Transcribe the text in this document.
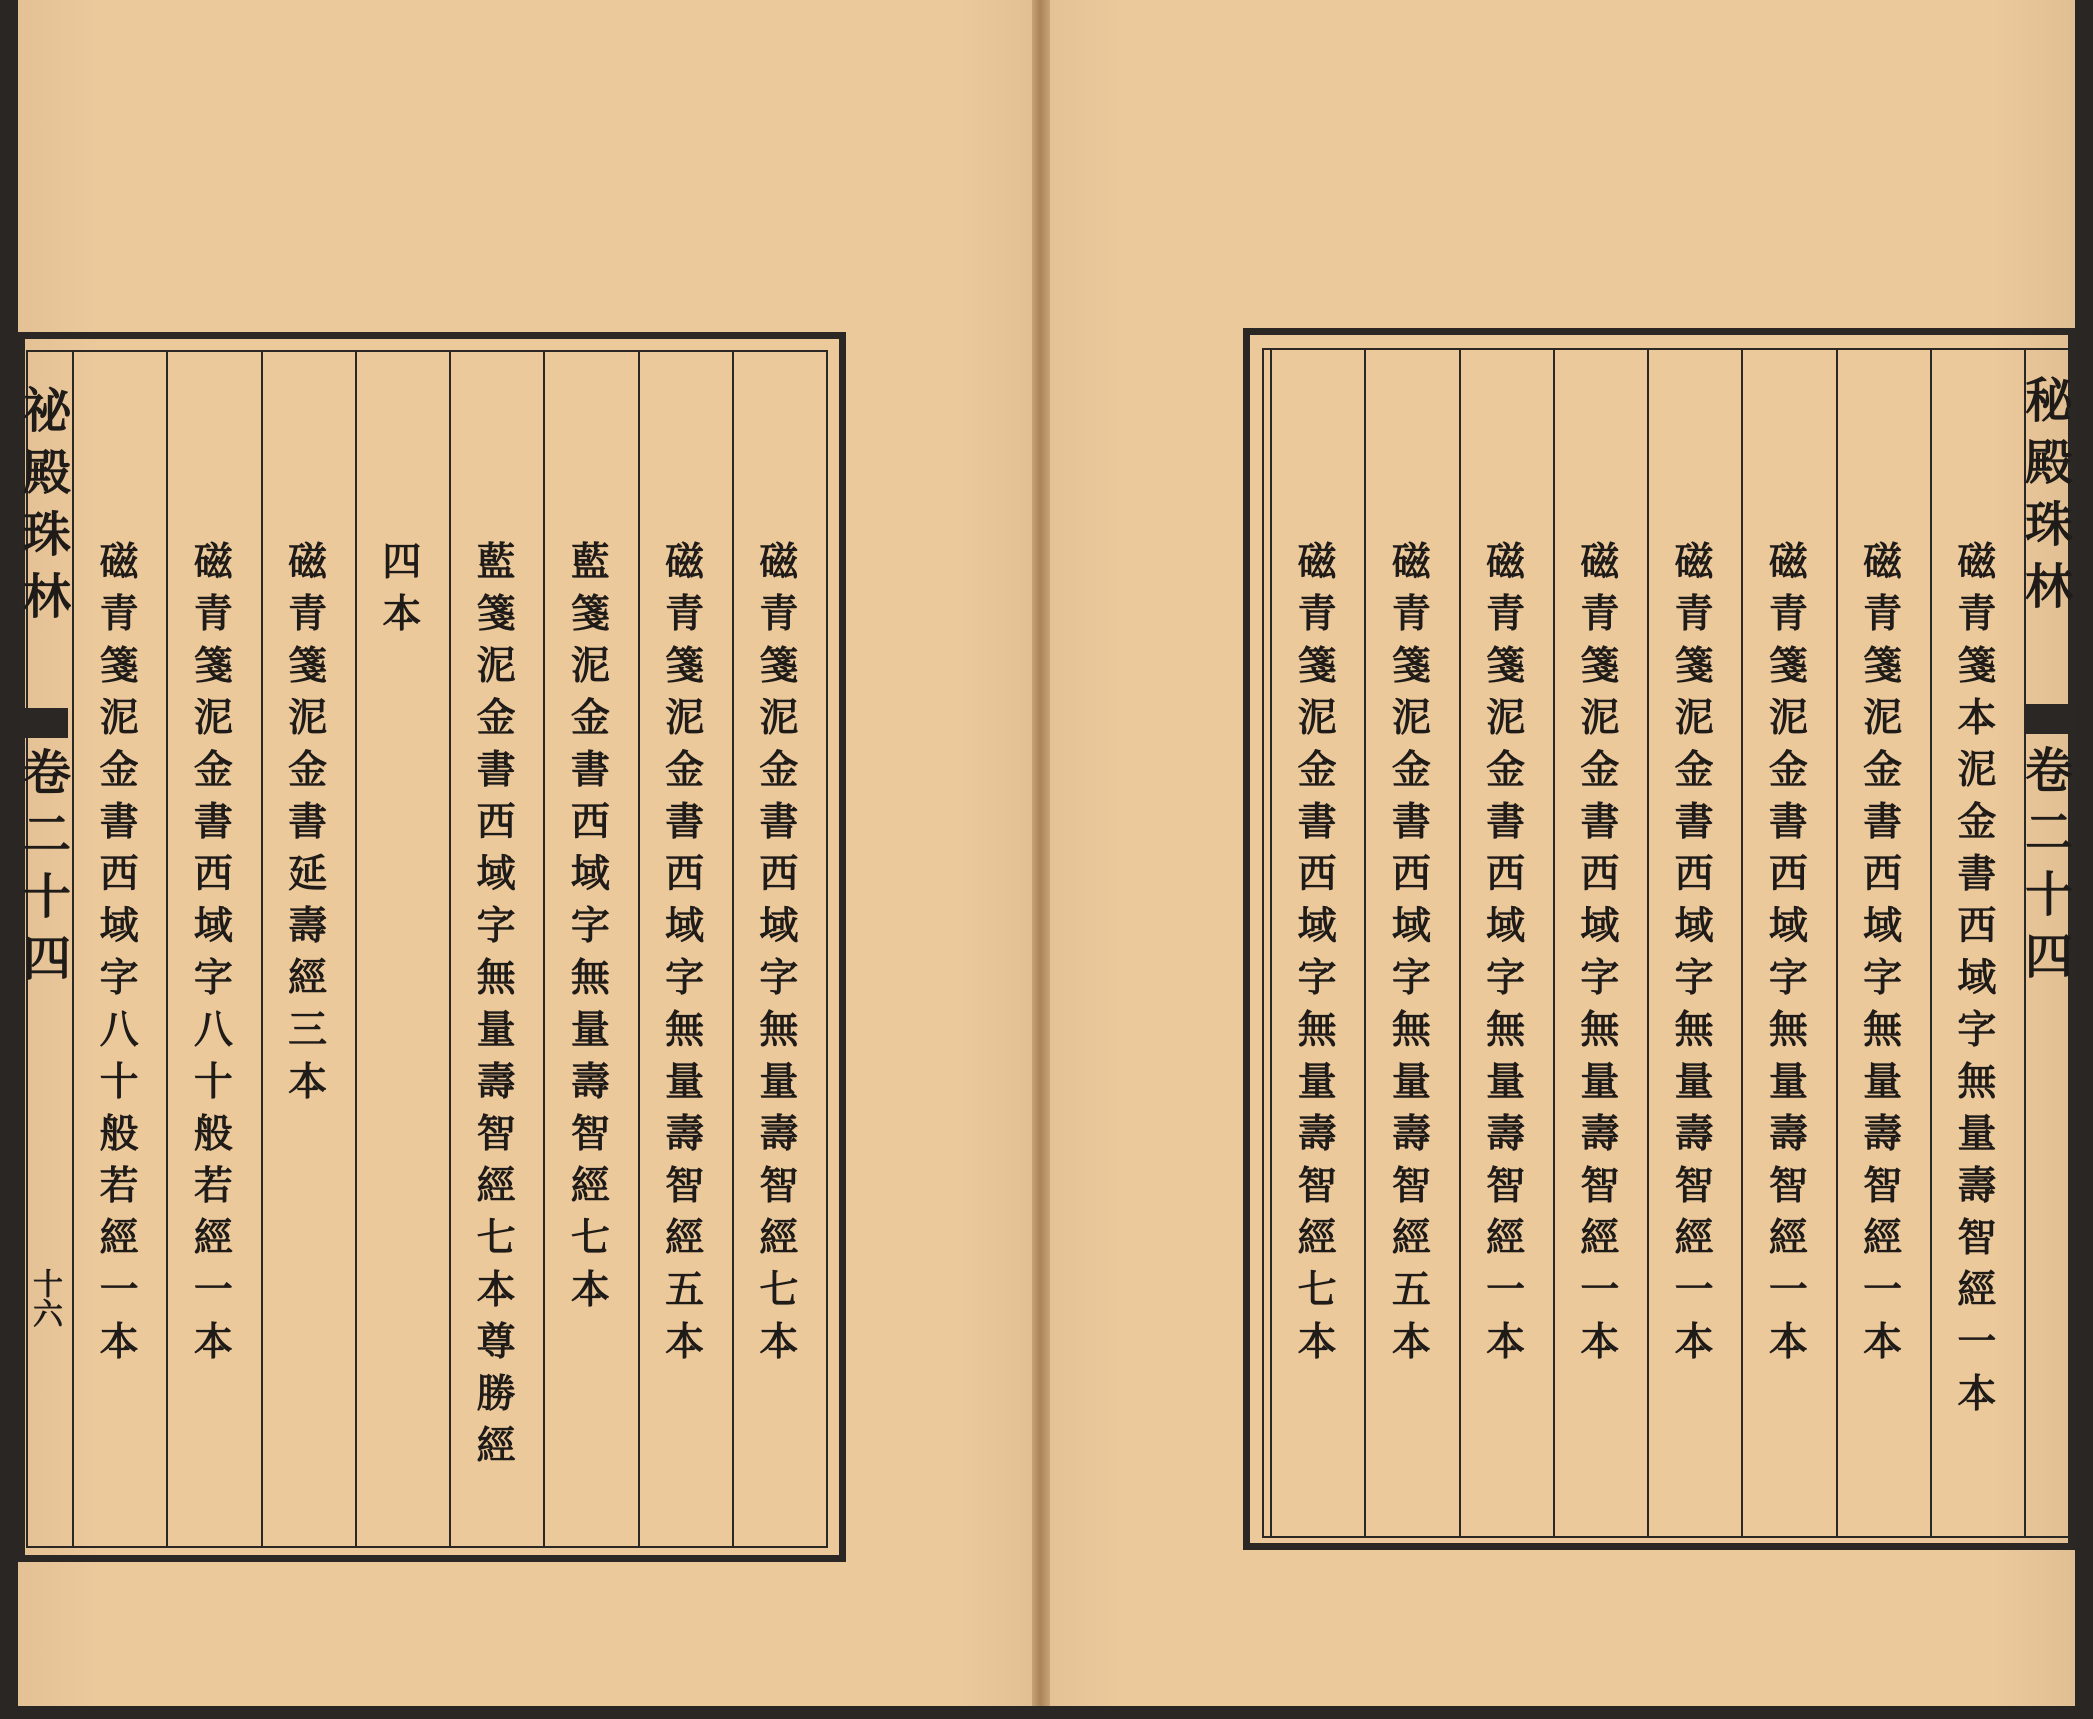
磁
青
箋
泥
金
書
西
域
字
無
量
壽
智
經
七
本
磁
青
箋
泥
金
書
西
域
字
無
量
壽
智
經
五
本
藍
箋
泥
金
書
西
域
字
無
量
壽
智
經
七
本
藍
箋
泥
金
書
西
域
字
無
量
壽
智
經
七
本
尊
勝
經
四
本
磁
青
箋
泥
金
書
延
壽
經
三
本
磁
青
箋
泥
金
書
西
域
字
八
十
般
若
經
一
本
磁
青
箋
泥
金
書
西
域
字
八
十
般
若
經
一
本
祕
殿
珠
林
卷
二
十
四
十六
磁
青
箋
本
泥
金
書
西
域
字
無
量
壽
智
經
一
本
磁
青
箋
泥
金
書
西
域
字
無
量
壽
智
經
一
本
磁
青
箋
泥
金
書
西
域
字
無
量
壽
智
經
一
本
磁
青
箋
泥
金
書
西
域
字
無
量
壽
智
經
一
本
磁
青
箋
泥
金
書
西
域
字
無
量
壽
智
經
一
本
磁
青
箋
泥
金
書
西
域
字
無
量
壽
智
經
一
本
磁
青
箋
泥
金
書
西
域
字
無
量
壽
智
經
五
本
磁
青
箋
泥
金
書
西
域
字
無
量
壽
智
經
七
本
秘
殿
珠
林
卷
二
十
四
